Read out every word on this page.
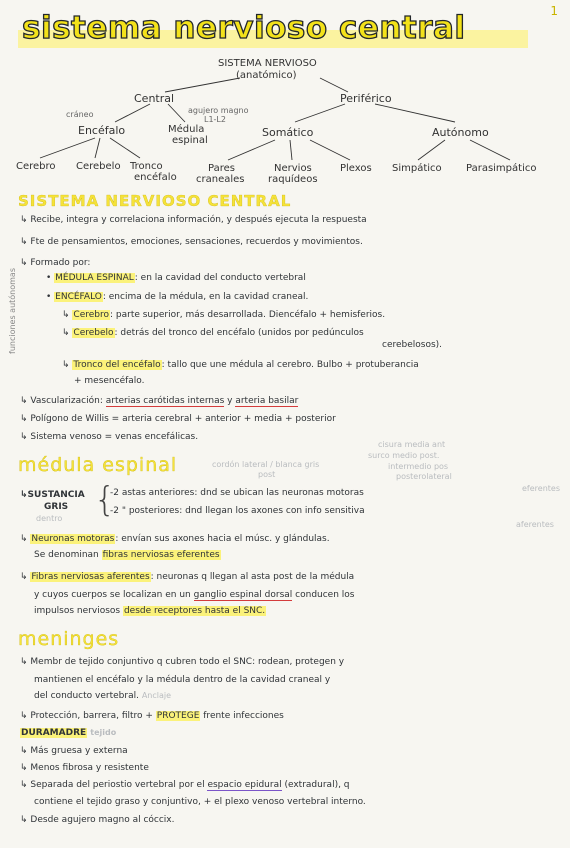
sistema nervioso central	1
SISTEMA NERVIOSO
(anatómico)
Central	Periférico
cráneo	agujero magno
L1-L2
Encéfalo	Médula
espinal
Somático	Autónomo
Cerebro Cerebelo Tronco
encéfalo
Pares
craneales
Nervios
raquídeos
Plexos Simpático Parasimpático
SISTEMA NERVIOSO CENTRAL
↳ Recibe, integra y correlaciona información, y después ejecuta la respuesta
↳ Fte de pensamientos, emociones, sensaciones, recuerdos y movimientos.
↳ Formado por:
funciones autónomas	• MÉDULA ESPINAL: en la cavidad del conducto vertebral
• ENCÉFALO: encima de la médula, en la cavidad craneal.
↳ Cerebro: parte superior, más desarrollada. Diencéfalo + hemisferios.
↳ Cerebelo: detrás del tronco del encéfalo (unidos por pedúnculos
cerebelosos).
↳ Tronco del encéfalo: tallo que une médula al cerebro. Bulbo + protuberancia
+ mesencéfalo.
↳ Vascularización: arterias carótidas internas y arteria basilar
↳ Polígono de Willis = arteria cerebral + anterior + media + posterior
↳ Sistema venoso = venas encefálicas.
médula espinal	cordón lateral / blanca gris
post
cisura media ant
surco medio post.
intermedio pos
posterolateral
↳SUSTANCIA
GRIS
dentro {
-2 astas anteriores: dnd se ubican las neuronas motoras	eferentes
-2 " posteriores: dnd llegan los axones con info sensitiva
aferentes
↳ Neuronas motoras: envían sus axones hacia el músc. y glándulas.
Se denominan fibras nerviosas eferentes
↳ Fibras nerviosas aferentes: neuronas q llegan al asta post de la médula
y cuyos cuerpos se localizan en un ganglio espinal dorsal conducen los
impulsos nerviosos desde receptores hasta el SNC.
meninges
↳ Membr de tejido conjuntivo q cubren todo el SNC: rodean, protegen y
mantienen el encéfalo y la médula dentro de la cavidad craneal y
del conducto vertebral. Anclaje
↳ Protección, barrera, filtro + PROTEGE frente infecciones
DURAMADRE tejido
↳ Más gruesa y externa
↳ Menos fibrosa y resistente
↳ Separada del periostio vertebral por el espacio epidural (extradural), q
contiene el tejido graso y conjuntivo, + el plexo venoso vertebral interno.
↳ Desde agujero magno al cóccix.
